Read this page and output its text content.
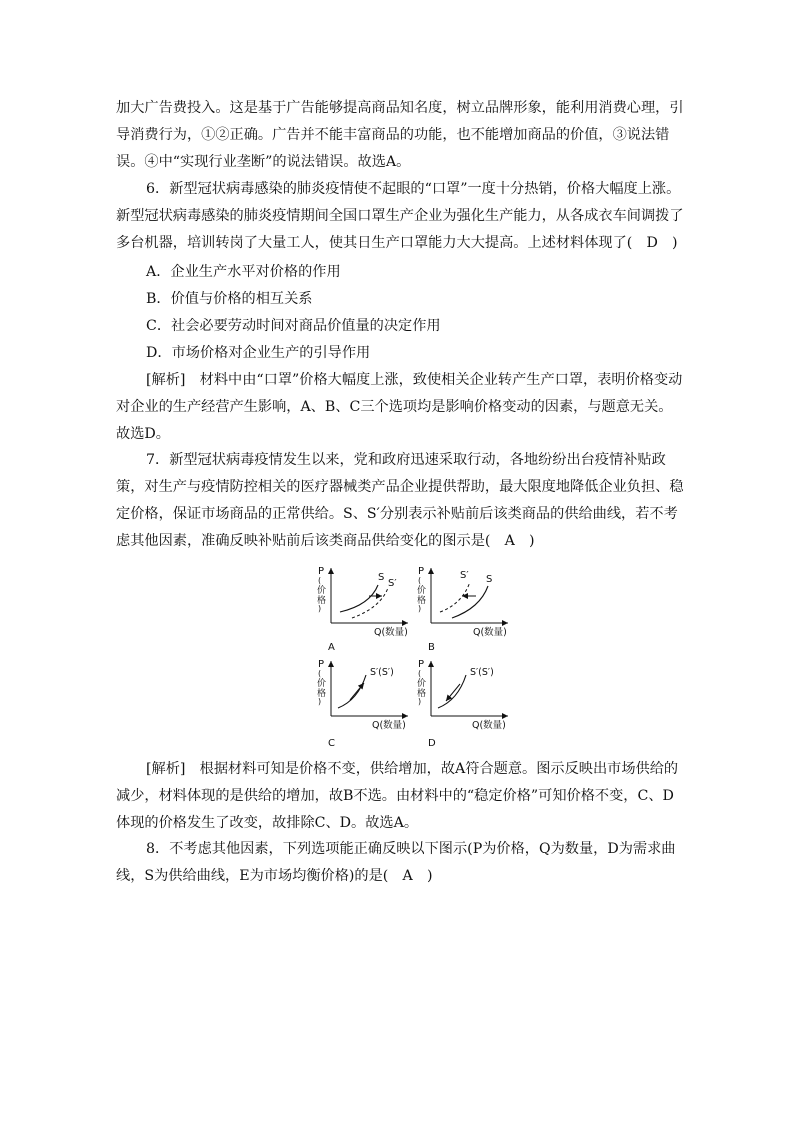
加大广告费投入。这是基于广告能够提高商品知名度，树立品牌形象，能利用消费心理，引导消费行为，①②正确。广告并不能丰富商品的功能，也不能增加商品的价值，③说法错误。④中“实现行业垄断”的说法错误。故选A。

6．新型冠状病毒感染的肺炎疫情使不起眼的“口罩”一度十分热销，价格大幅度上涨。新型冠状病毒感染的肺炎疫情期间全国口罩生产企业为强化生产能力，从各成衣车间调拨了多台机器，培训转岗了大量工人，使其日生产口罩能力大大提高。上述材料体现了(　D　)

A．企业生产水平对价格的作用

B．价值与价格的相互关系

C．社会必要劳动时间对商品价值量的决定作用

D．市场价格对企业生产的引导作用

[解析]　材料中由“口罩”价格大幅度上涨，致使相关企业转产生产口罩，表明价格变动对企业的生产经营产生影响，A、B、C三个选项均是影响价格变动的因素，与题意无关。故选D。

7．新型冠状病毒疫情发生以来，党和政府迅速采取行动，各地纷纷出台疫情补贴政策，对生产与疫情防控相关的医疗器械类产品企业提供帮助，最大限度地降低企业负担、稳定价格，保证市场商品的正常供给。S、S′分别表示补贴前后该类商品的供给曲线，若不考虑其他因素，准确反映补贴前后该类商品供给变化的图示是(　A　)

P
(
价
格
)
Q(数量)
S
S′
A
P
(
价
格
)
Q(数量)
S′ S
B
P
(
价
格
)
Q(数量)
S′(S′)
C
P
(
价
格
)
Q(数量)
S′(S′)
D

[解析]　根据材料可知是价格不变，供给增加，故A符合题意。图示反映出市场供给的减少，材料体现的是供给的增加，故B不选。由材料中的“稳定价格”可知价格不变，C、D体现的价格发生了改变，故排除C、D。故选A。

8．不考虑其他因素，下列选项能正确反映以下图示(P为价格，Q为数量，D为需求曲线，S为供给曲线，E为市场均衡价格)的是(　A　)
